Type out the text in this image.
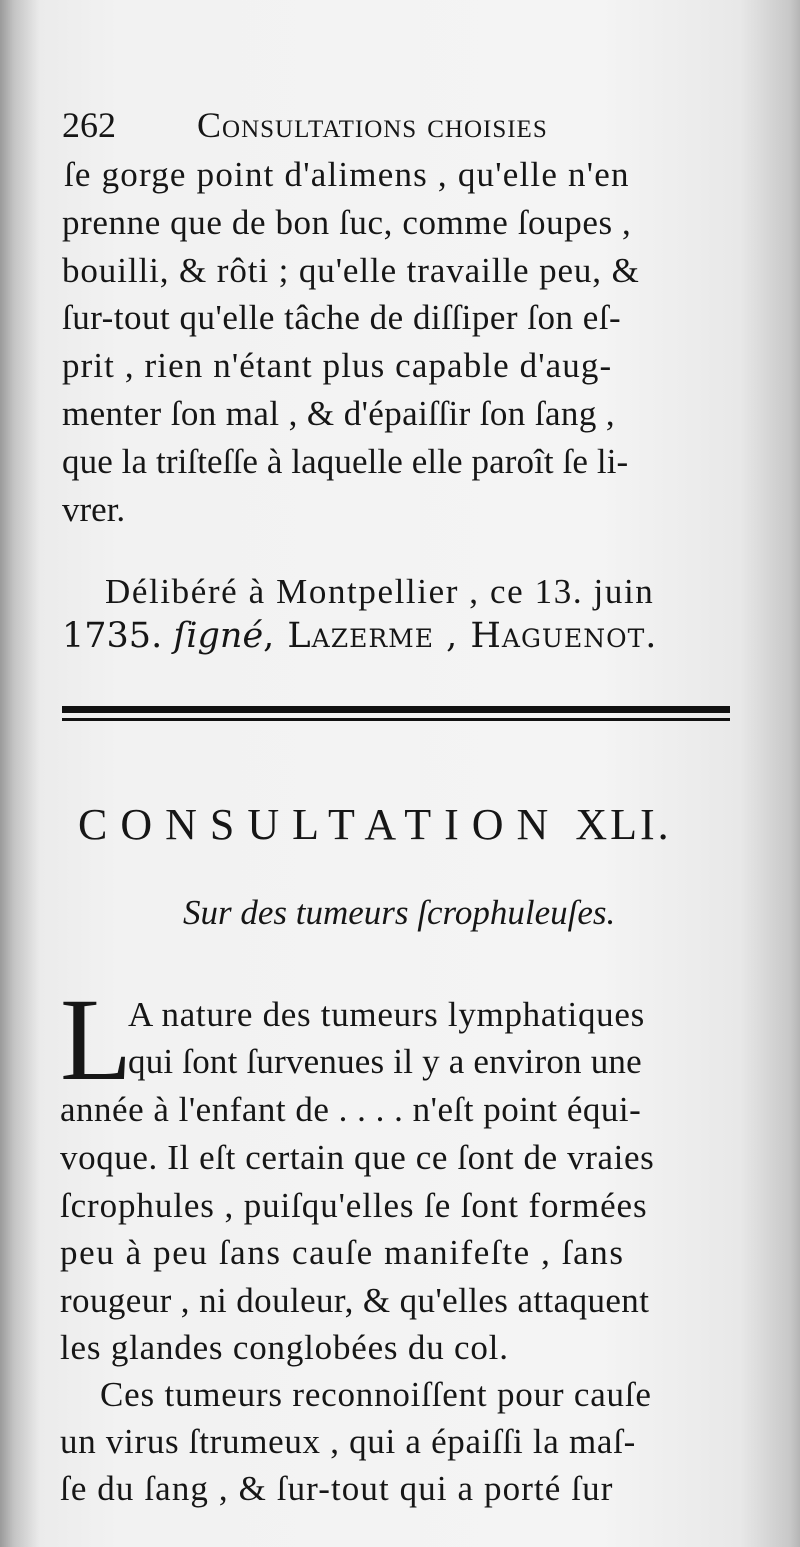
262 Consultations choisies
ſe gorge point d'alimens , qu'elle n'en
prenne que de bon ſuc, comme ſoupes ,
bouilli, & rôti ; qu'elle travaille peu, &
ſur-tout qu'elle tâche de diſſiper ſon eſ-
prit , rien n'étant plus capable d'aug-
menter ſon mal , & d'épaiſſir ſon ſang ,
que la triſteſſe à laquelle elle paroît ſe li-
vrer.
Délibéré à Montpellier , ce 13. juin
1735. ſigné, Lazerme , Haguenot.
CONSULTATION XLI.
Sur des tumeurs ſcrophuleuſes.
L
A nature des tumeurs lymphatiques
qui ſont ſurvenues il y a environ une
année à l'enfant de . . . . n'eſt point équi-
voque. Il eſt certain que ce ſont de vraies
ſcrophules , puiſqu'elles ſe ſont formées
peu à peu ſans cauſe manifeſte , ſans
rougeur , ni douleur, & qu'elles attaquent
les glandes conglobées du col.
Ces tumeurs reconnoiſſent pour cauſe
un virus ſtrumeux , qui a épaiſſi la maſ-
ſe du ſang , & ſur-tout qui a porté ſur
